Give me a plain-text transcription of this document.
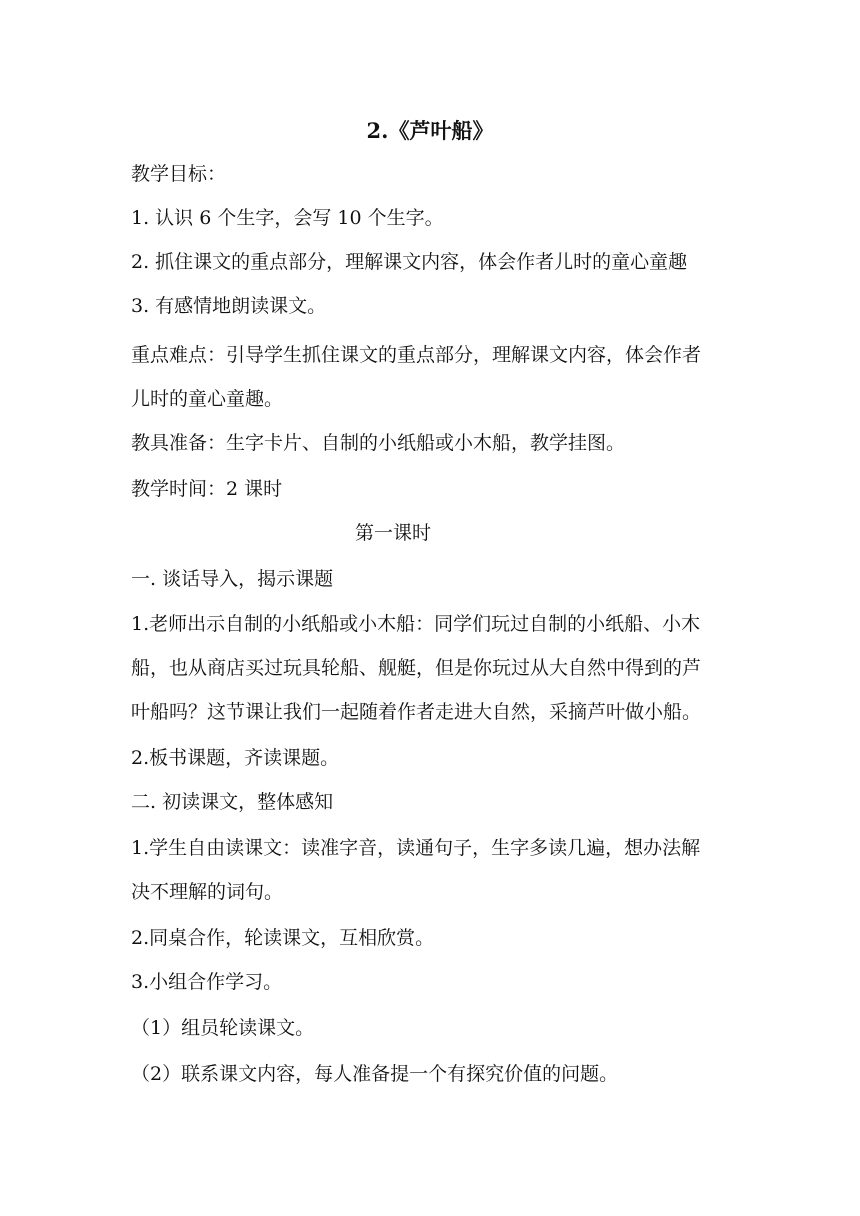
2.《芦叶船》
教学目标：
1. 认识 6 个生字，会写 10 个生字。
2. 抓住课文的重点部分，理解课文内容，体会作者儿时的童心童趣
3. 有感情地朗读课文。
重点难点：引导学生抓住课文的重点部分，理解课文内容，体会作者
儿时的童心童趣。
教具准备：生字卡片、自制的小纸船或小木船，教学挂图。
教学时间：2 课时
第一课时
一. 谈话导入，揭示课题
1.老师出示自制的小纸船或小木船：同学们玩过自制的小纸船、小木
船，也从商店买过玩具轮船、舰艇，但是你玩过从大自然中得到的芦
叶船吗？这节课让我们一起随着作者走进大自然，采摘芦叶做小船。
2.板书课题，齐读课题。
二. 初读课文，整体感知
1.学生自由读课文：读准字音，读通句子，生字多读几遍，想办法解
决不理解的词句。
2.同桌合作，轮读课文，互相欣赏。
3.小组合作学习。
（1）组员轮读课文。
（2）联系课文内容，每人准备提一个有探究价值的问题。
